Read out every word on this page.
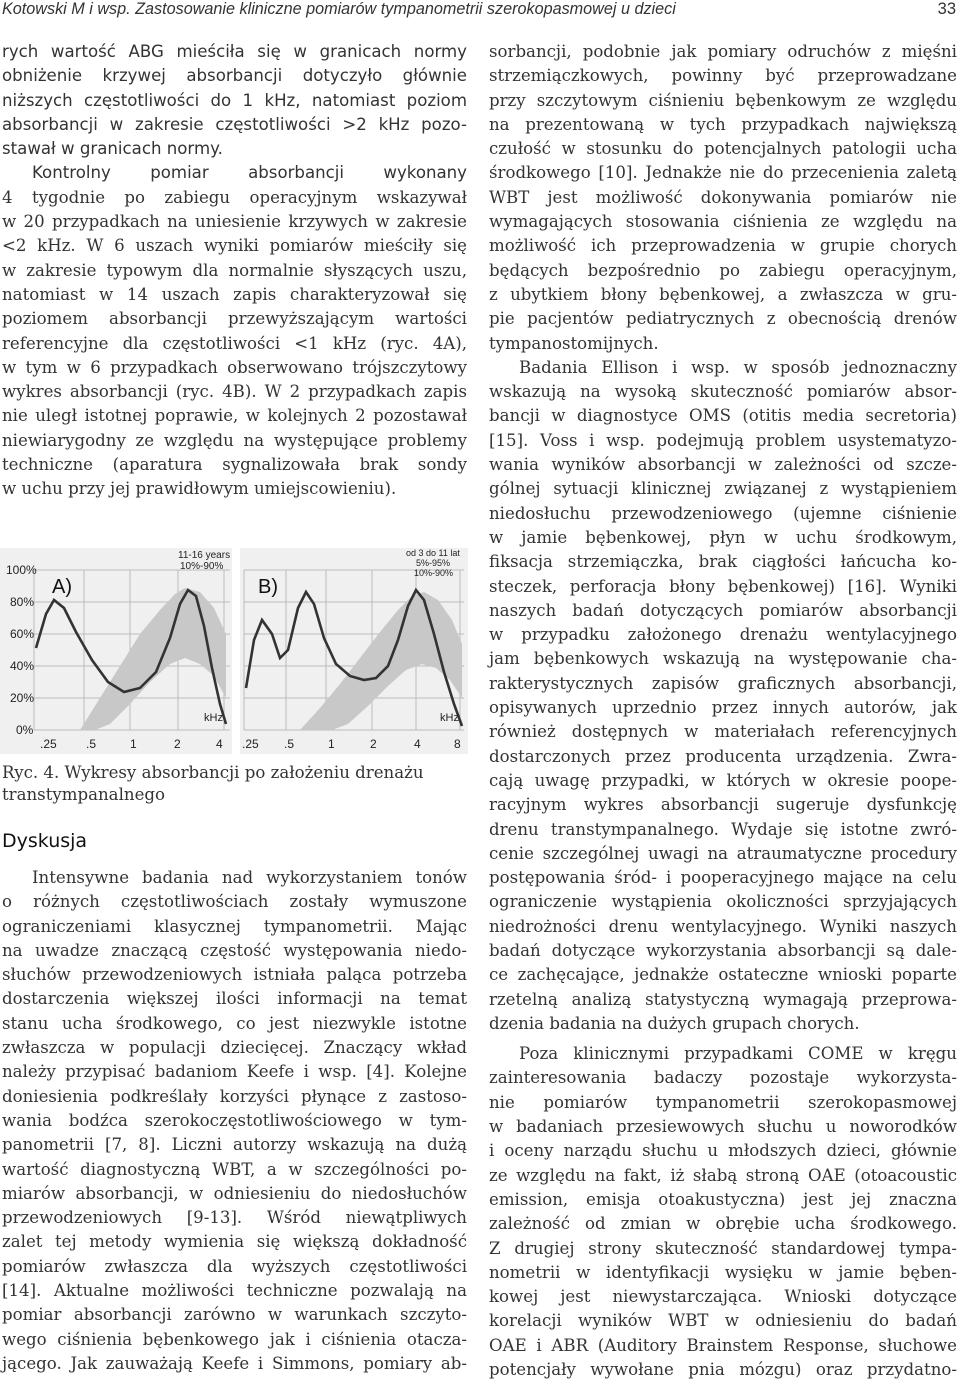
Kotowski M i wsp. Zastosowanie kliniczne pomiarów tympanometrii szerokopasmowej u dzieci	33

rych wartość ABG mieściła się w granicach normy
obniżenie krzywej absorbancji dotyczyło głównie
niższych częstotliwości do 1 kHz, natomiast poziom
absorbancji w zakresie częstotliwości >2 kHz pozo-
stawał w granicach normy.

Kontrolny pomiar absorbancji wykonany
4 tygodnie po zabiegu operacyjnym wskazywał
w 20 przypadkach na uniesienie krzywych w zakresie
<2 kHz. W 6 uszach wyniki pomiarów mieściły się
w zakresie typowym dla normalnie słyszących uszu,
natomiast w 14 uszach zapis charakteryzował się
poziomem absorbancji przewyższającym wartości
referencyjne dla częstotliwości <1 kHz (ryc. 4A),
w tym w 6 przypadkach obserwowano trójszczytowy
wykres absorbancji (ryc. 4B). W 2 przypadkach zapis
nie uległ istotnej poprawie, w kolejnych 2 pozostawał
niewiarygodny ze względu na występujące problemy
techniczne (aparatura sygnalizowała brak sondy
w uchu przy jej prawidłowym umiejscowieniu).

100%
80%
60%
40%
20%
0%
.25 .5	1	2	4
kHz
A)
11-16 years
10%-90%
.25 .5	1	2	4	8
kHz
B)
od 3 do 11 lat
5%-95%
10%-90%
Ryc. 4. Wykresy absorbancji po założeniu drenażu transtympanalnego
Dyskusja

Intensywne badania nad wykorzystaniem tonów
o różnych częstotliwościach zostały wymuszone
ograniczeniami klasycznej tympanometrii. Mając
na uwadze znaczącą częstość występowania niedo-
słuchów przewodzeniowych istniała paląca potrzeba
dostarczenia większej ilości informacji na temat
stanu ucha środkowego, co jest niezwykle istotne
zwłaszcza w populacji dziecięcej. Znaczący wkład
należy przypisać badaniom Keefe i wsp. [4]. Kolejne
doniesienia podkreślały korzyści płynące z zastoso-
wania bodźca szerokoczęstotliwościowego w tym-
panometrii [7, 8]. Liczni autorzy wskazują na dużą
wartość diagnostyczną WBT, a w szczególności po-
miarów absorbancji, w odniesieniu do niedosłuchów
przewodzeniowych [9-13]. Wśród niewątpliwych
zalet tej metody wymienia się większą dokładność
pomiarów zwłaszcza dla wyższych częstotliwości
[14]. Aktualne możliwości techniczne pozwalają na
pomiar absorbancji zarówno w warunkach szczyto-
wego ciśnienia bębenkowego jak i ciśnienia otacza-
jącego. Jak zauważają Keefe i Simmons, pomiary ab-

sorbancji, podobnie jak pomiary odruchów z mięśni
strzemiączkowych, powinny być przeprowadzane
przy szczytowym ciśnieniu bębenkowym ze względu
na prezentowaną w tych przypadkach największą
czułość w stosunku do potencjalnych patologii ucha
środkowego [10]. Jednakże nie do przecenienia zaletą
WBT jest możliwość dokonywania pomiarów nie
wymagających stosowania ciśnienia ze względu na
możliwość ich przeprowadzenia w grupie chorych
będących bezpośrednio po zabiegu operacyjnym,
z ubytkiem błony bębenkowej, a zwłaszcza w gru-
pie pacjentów pediatrycznych z obecnością drenów
tympanostomijnych.

Badania Ellison i wsp. w sposób jednoznaczny
wskazują na wysoką skuteczność pomiarów absor-
bancji w diagnostyce OMS (otitis media secretoria)
[15]. Voss i wsp. podejmują problem usystematyzo-
wania wyników absorbancji w zależności od szcze-
gólnej sytuacji klinicznej związanej z wystąpieniem
niedosłuchu przewodzeniowego (ujemne ciśnienie
w jamie bębenkowej, płyn w uchu środkowym,
fiksacja strzemiączka, brak ciągłości łańcucha ko-
steczek, perforacja błony bębenkowej) [16]. Wyniki
naszych badań dotyczących pomiarów absorbancji
w przypadku założonego drenażu wentylacyjnego
jam bębenkowych wskazują na występowanie cha-
rakterystycznych zapisów graficznych absorbancji,
opisywanych uprzednio przez innych autorów, jak
również dostępnych w materiałach referencyjnych
dostarczonych przez producenta urządzenia. Zwra-
cają uwagę przypadki, w których w okresie poope-
racyjnym wykres absorbancji sugeruje dysfunkcję
drenu transtympanalnego. Wydaje się istotne zwró-
cenie szczególnej uwagi na atraumatyczne procedury
postępowania śród- i pooperacyjnego mające na celu
ograniczenie wystąpienia okoliczności sprzyjających
niedrożności drenu wentylacyjnego. Wyniki naszych
badań dotyczące wykorzystania absorbancji są dale-
ce zachęcające, jednakże ostateczne wnioski poparte
rzetelną analizą statystyczną wymagają przeprowa-
dzenia badania na dużych grupach chorych.

Poza klinicznymi przypadkami COME w kręgu
zainteresowania badaczy pozostaje wykorzysta-
nie pomiarów tympanometrii szerokopasmowej
w badaniach przesiewowych słuchu u noworodków
i oceny narządu słuchu u młodszych dzieci, głównie
ze względu na fakt, iż słabą stroną OAE (otoacoustic
emission, emisja otoakustyczna) jest jej znaczna
zależność od zmian w obrębie ucha środkowego.
Z drugiej strony skuteczność standardowej tympa-
nometrii w identyfikacji wysięku w jamie bęben-
kowej jest niewystarczająca. Wnioski dotyczące
korelacji wyników WBT w odniesieniu do badań
OAE i ABR (Auditory Brainstem Response, słuchowe
potencjały wywołane pnia mózgu) oraz przydatno-
